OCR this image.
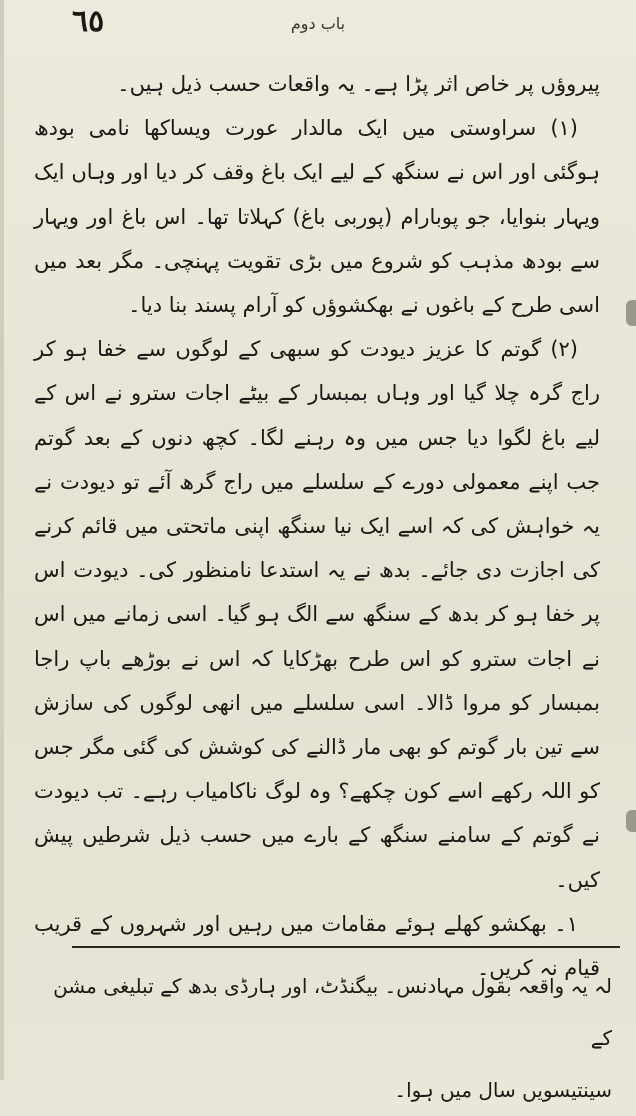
٦٥	باب دوم

پیروؤں پر خاص اثر پڑا ہے۔ یہ واقعات حسب ذیل ہیں۔

(۱) سراوستی میں ایک مالدار عورت ویساکھا نامی بودھ ہوگئی اور اس نے سنگھ کے لیے ایک باغ وقف کر دیا اور وہاں ایک ویہار بنوایا، جو پوبارام (پوربی باغ) کہلاتا تھا۔ اس باغ اور ویہار سے بودھ مذہب کو شروع میں بڑی تقویت پہنچی۔ مگر بعد میں اسی طرح کے باغوں نے بھکشوؤں کو آرام پسند بنا دیا۔

(۲) گوتم کا عزیز دیودت کو سبھی کے لوگوں سے خفا ہو کر راج گرہ چلا گیا اور وہاں بمبسار کے بیٹے اجات سترو نے اس کے لیے باغ لگوا دیا جس میں وہ رہنے لگا۔ کچھ دنوں کے بعد گوتم جب اپنے معمولی دورے کے سلسلے میں راج گرھ آئے تو دیودت نے یہ خواہش کی کہ اسے ایک نیا سنگھ اپنی ماتحتی میں قائم کرنے کی اجازت دی جائے۔ بدھ نے یہ استدعا نامنظور کی۔ دیودت اس پر خفا ہو کر بدھ کے سنگھ سے الگ ہو گیا۔ اسی زمانے میں اس نے اجات سترو کو اس طرح بھڑکایا کہ اس نے بوڑھے باپ راجا بمبسار کو مروا ڈالا۔ اسی سلسلے میں انھی لوگوں کی سازش سے تین بار گوتم کو بھی مار ڈالنے کی کوشش کی گئی مگر جس کو اللہ رکھے اسے کون چکھے؟ وہ لوگ ناکامیاب رہے۔ تب دیودت نے گوتم کے سامنے سنگھ کے بارے میں حسب ذیل شرطیں پیش کیں۔

۱۔ بھکشو کھلے ہوئے مقامات میں رہیں اور شہروں کے قریب قیام نہ کریں۔

لہ یہ واقعہ بقول مہادنس۔ بیگنڈٹ، اور ہارڈی بدھ کے تبلیغی مشن کے

سینتیسویں سال میں ہوا۔
